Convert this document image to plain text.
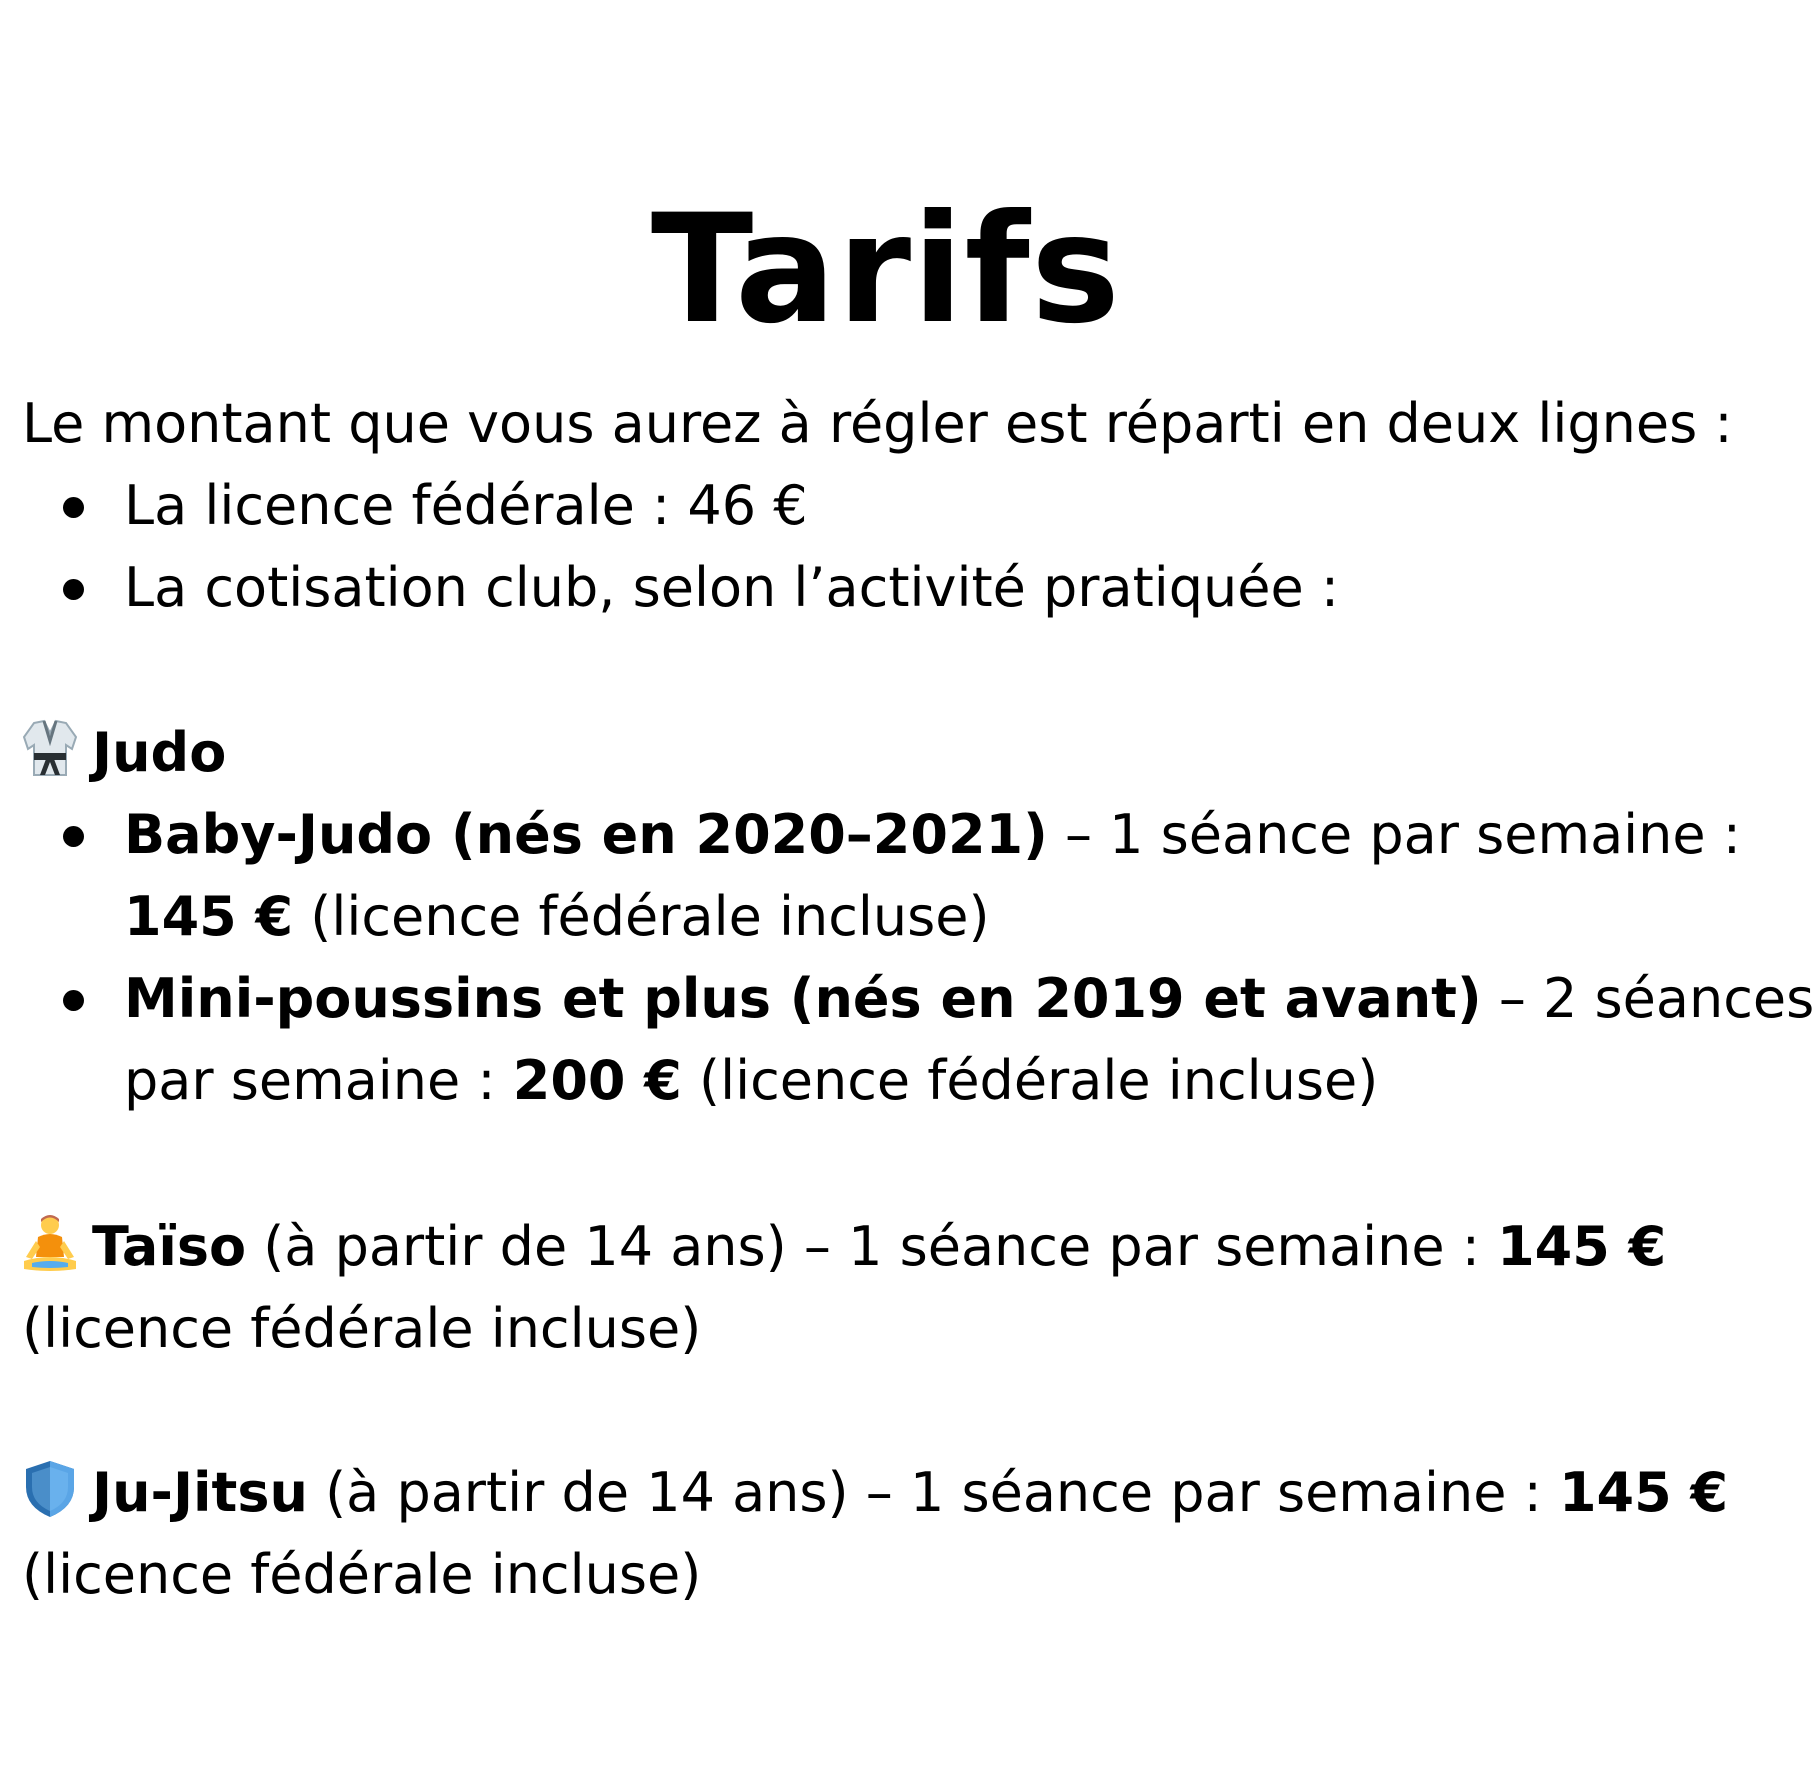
Tarifs
Le montant que vous aurez à régler est réparti en deux lignes :
La licence fédérale : 46 €
La cotisation club, selon l’activité pratiquée :
Judo
Baby-Judo (nés en 2020–2021) – 1 séance par semaine :
145 € (licence fédérale incluse)
Mini-poussins et plus (nés en 2019 et avant) – 2 séances
par semaine : 200 € (licence fédérale incluse)
Taïso (à partir de 14 ans) – 1 séance par semaine : 145 €
(licence fédérale incluse)
Ju-Jitsu (à partir de 14 ans) – 1 séance par semaine : 145 €
(licence fédérale incluse)
